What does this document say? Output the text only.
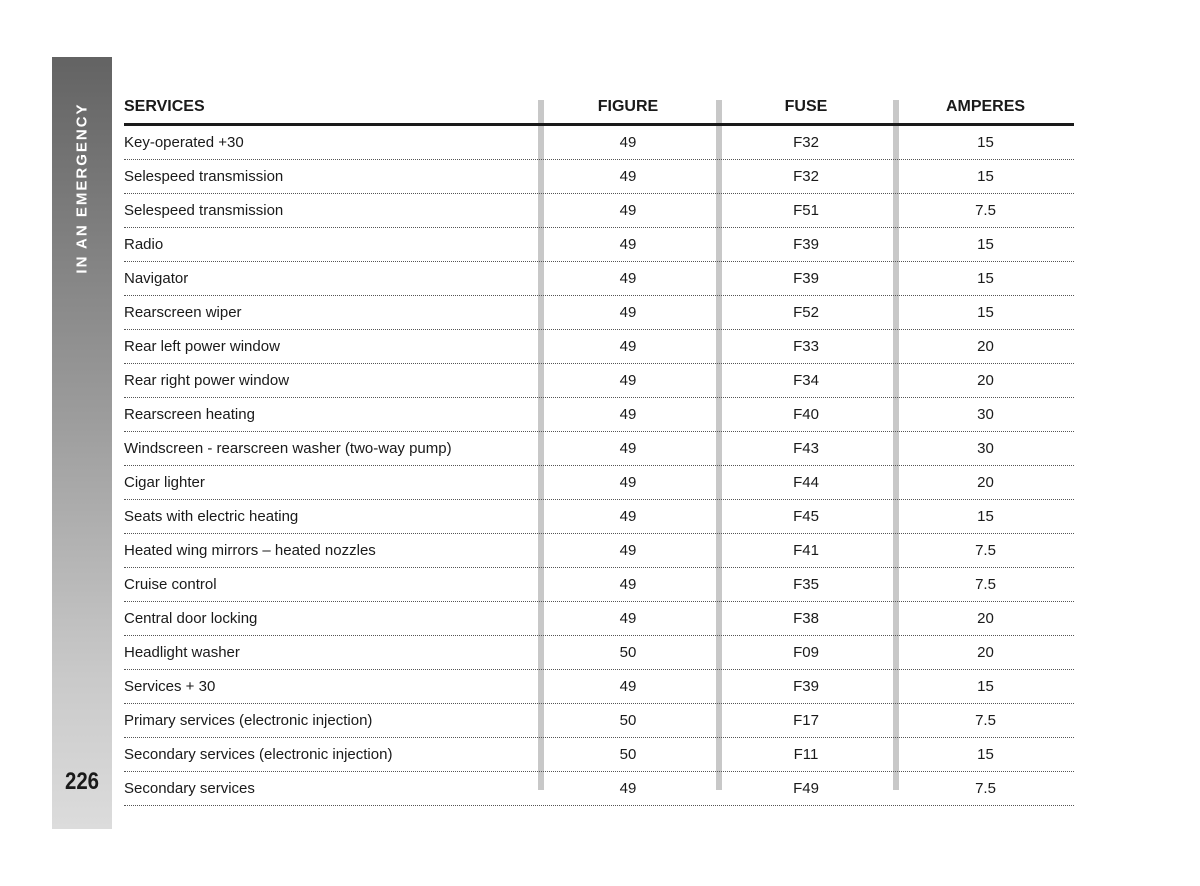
IN AN EMERGENCY
226
SERVICES	FIGURE	FUSE	AMPERES
Key-operated +30	49	F32	15
Selespeed transmission	49	F32	15
Selespeed transmission	49	F51	7.5
Radio	49	F39	15
Navigator	49	F39	15
Rearscreen wiper	49	F52	15
Rear left power window	49	F33	20
Rear right power window	49	F34	20
Rearscreen heating	49	F40	30
Windscreen - rearscreen washer (two-way pump)	49	F43	30
Cigar lighter	49	F44	20
Seats with electric heating	49	F45	15
Heated wing mirrors – heated nozzles	49	F41	7.5
Cruise control	49	F35	7.5
Central door locking	49	F38	20
Headlight washer	50	F09	20
Services + 30	49	F39	15
Primary services (electronic injection)	50	F17	7.5
Secondary services (electronic injection)	50	F11	15
Secondary services	49	F49	7.5
